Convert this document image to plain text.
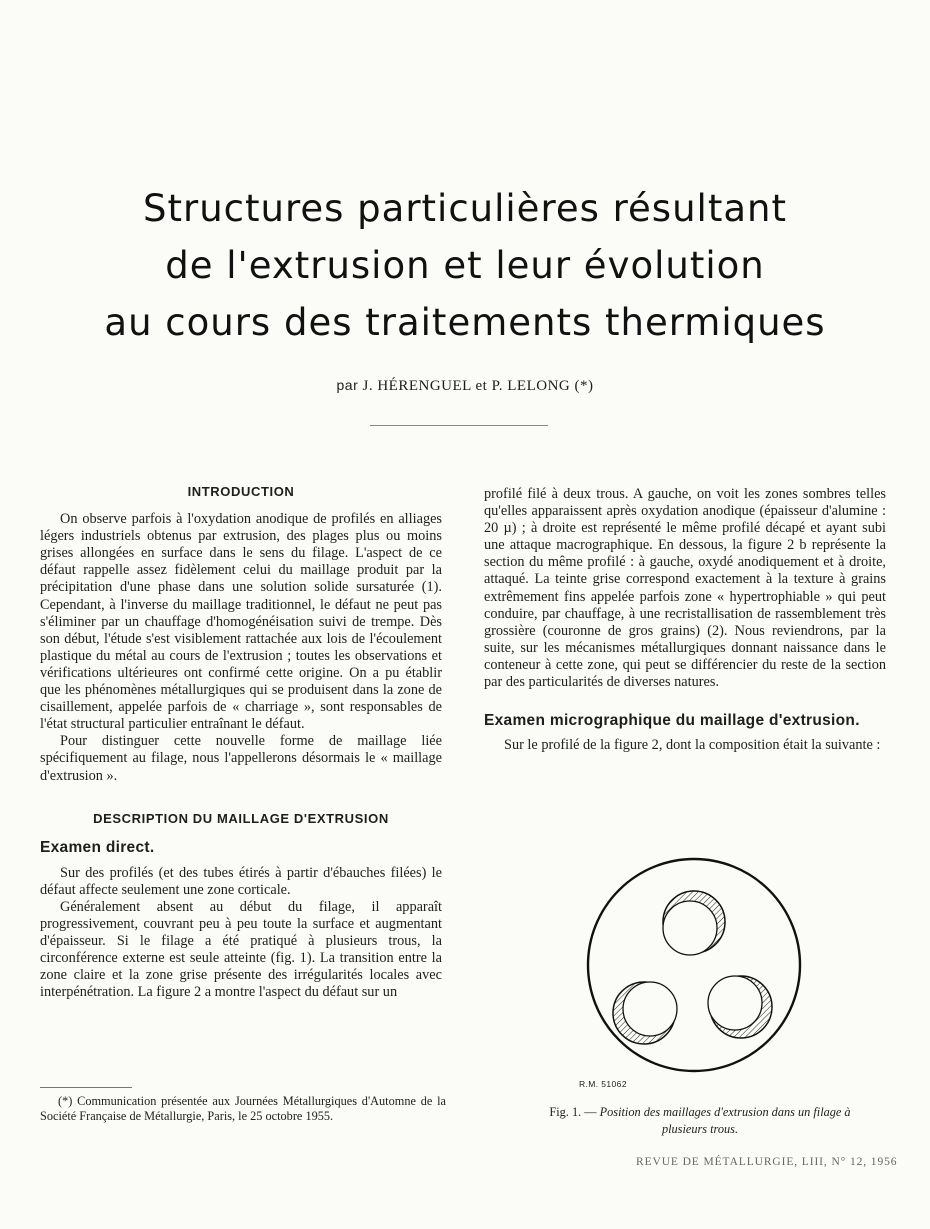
Structures particulières résultant
de l'extrusion et leur évolution
au cours des traitements thermiques
par J. HÉRENGUEL et P. LELONG (*)
INTRODUCTION

On observe parfois à l'oxydation anodique de profilés en alliages légers industriels obtenus par extrusion, des plages plus ou moins grises allongées en surface dans le sens du filage. L'aspect de ce défaut rappelle assez fidèlement celui du maillage produit par la précipitation d'une phase dans une solution solide sursaturée (1). Cependant, à l'inverse du maillage traditionnel, le défaut ne peut pas s'éliminer par un chauffage d'homogénéisation suivi de trempe. Dès son début, l'étude s'est visiblement rattachée aux lois de l'écoulement plastique du métal au cours de l'extrusion ; toutes les observations et vérifications ultérieures ont confirmé cette origine. On a pu établir que les phénomènes métallurgiques qui se produisent dans la zone de cisaillement, appelée parfois de « charriage », sont responsables de l'état structural particulier entraînant le défaut.

Pour distinguer cette nouvelle forme de maillage liée spécifiquement au filage, nous l'appellerons désormais le « maillage d'extrusion ».

DESCRIPTION DU MAILLAGE D'EXTRUSION
Examen direct.

Sur des profilés (et des tubes étirés à partir d'ébauches filées) le défaut affecte seulement une zone corticale.

Généralement absent au début du filage, il apparaît progressivement, couvrant peu à peu toute la surface et augmentant d'épaisseur. Si le filage a été pratiqué à plusieurs trous, la circonférence externe est seule atteinte (fig. 1). La transition entre la zone claire et la zone grise présente des irrégularités locales avec interpénétration. La figure 2 a montre l'aspect du défaut sur un

(*) Communication présentée aux Journées Métallurgiques d'Automne de la Société Française de Métallurgie, Paris, le 25 octobre 1955.

profilé filé à deux trous. A gauche, on voit les zones sombres telles qu'elles apparaissent après oxydation anodique (épaisseur d'alumine : 20 µ) ; à droite est représenté le même profilé décapé et ayant subi une attaque macrographique. En dessous, la figure 2 b représente la section du même profilé : à gauche, oxydé anodiquement et à droite, attaqué. La teinte grise correspond exactement à la texture à grains extrêmement fins appelée parfois zone « hypertrophiable » qui peut conduire, par chauffage, à une recristallisation de rassemblement très grossière (couronne de gros grains) (2). Nous reviendrons, par la suite, sur les mécanismes métallurgiques donnant naissance dans le conteneur à cette zone, qui peut se différencier du reste de la section par des particularités de diverses natures.

Examen micrographique du maillage d'extrusion.

Sur le profilé de la figure 2, dont la composition était la suivante :

R.M. 51062
Fig. 1. — Position des maillages d'extrusion dans un filage à plusieurs trous.
REVUE DE MÉTALLURGIE, LIII, N° 12, 1956
